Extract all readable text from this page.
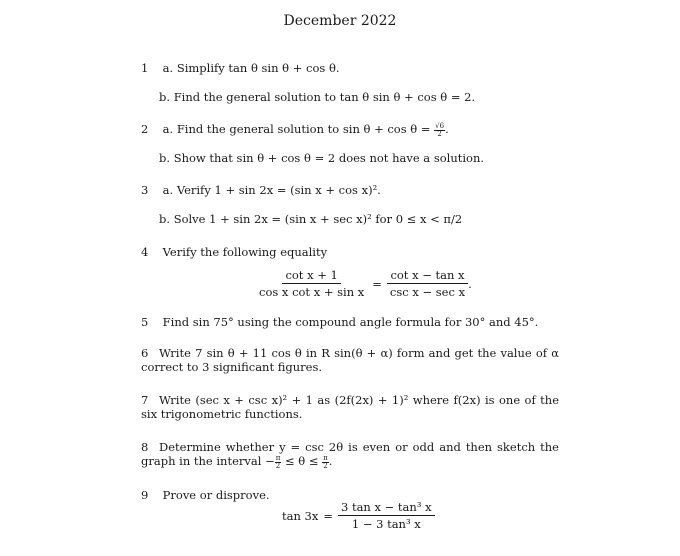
December 2022
1 a. Simplify tan θ sin θ + cos θ.
b. Find the general solution to tan θ sin θ + cos θ = 2.
2 a. Find the general solution to $\sin \theta + \cos \theta = \frac{√6}{2}$ .
b. Show that sin θ + cos θ = 2 does not have a solution.
3 a. Verify 1 + sin 2x = (sin x + cos x)².
b. Solve 1 + sin 2x = (sin x + sec x)² for 0 ≤ x < π/2
4 Verify the following equality
$\frac{\text{cot x + 1}}{\text{cos x cot x + sin x}} = \frac{\text{cot x − tan x}}{\text{csc x − sec x}}$ .
5 Find sin 75° using the compound angle formula for 30° and 45°.
6 Write 7 sin θ + 11 cos θ in R sin(θ + α) form and get the value of α correct to 3 significant figures.
7 Write (sec x + csc x)² + 1 as (2f(2x) + 1)² where f(2x) is one of the six trigonometric functions.
8 Determine whether y = csc 2θ is even or odd and then sketch the graph in the interval − $\frac{\pi}{2} \le \theta \le \frac{\pi}{2}$ .
9 Prove or disprove.
$\tan 3x = \frac{\text{3 tan x − tan³ x}}{\text{1 − 3 tan³ x}}$
